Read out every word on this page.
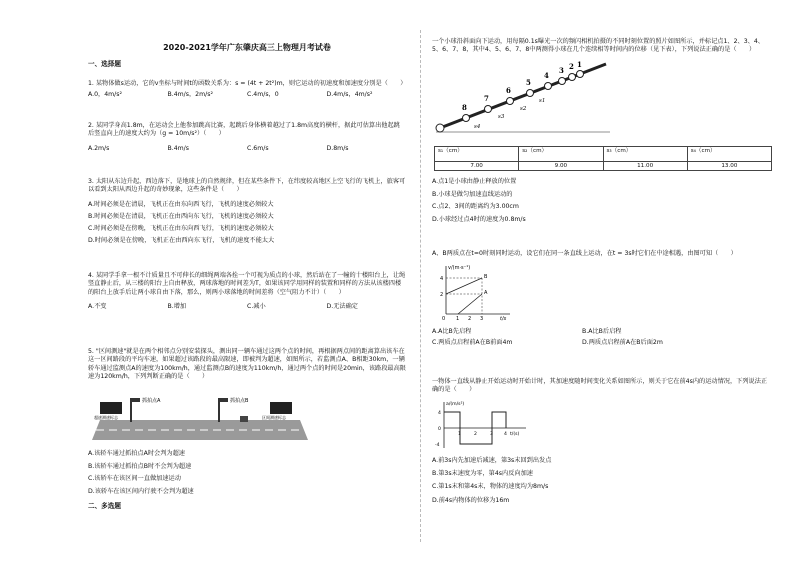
2020-2021学年广东肇庆高三上物理月考试卷
一、选择题
1. 某物体做s运动，它的v坐标与时间t的函数关系为：s = (4t + 2t²)m，则它运动的初速度和加速度分别是（　　）
A.0，4m/s²	B.4m/s，2m/s²	C.4m/s，0	D.4m/s，4m/s²
2. 某同学身高1.8m，在运动会上他参加跳高比赛，起跳后身体横着越过了1.8m高度的横杆，据此可估算出他起跳后竖直向上的速度大约为（g = 10m/s²）（　　）
A.2m/s	B.4m/s	C.6m/s	D.8m/s
3. 太阳从东边升起，西边落下，是地球上的自然规律，但在某些条件下，在纬度较高地区上空飞行的飞机上，旅客可以看到太阳从西边升起的奇妙现象，这些条件是（　　）
A.时间必须是在清晨，飞机正在由东向西飞行，飞机的速度必须较大
B.时间必须是在清晨，飞机正在由西向东飞行，飞机的速度必须较大
C.时间必须是在傍晚，飞机正在由东向西飞行，飞机的速度必须较大
D.时间必须是在傍晚，飞机正在由西向东飞行，飞机的速度不能太大
4. 某同学手拿一根不计质量且不可伸长的细绳两端各拴一个可视为质点的小球，然后站在了一幢的十楼阳台上，让绳竖直静止后，从三楼的阳台上自由释放，两球落地的时间差为T，如果该同学用同样的装置和同样的方法从该楼四楼的阳台上放手后让两小球自由下落，那么，则两小球落地的时间差将（空气阻力不计）（　　）
A.不变	B.增加	C.减小	D.无法确定
5. "区间测速"就是在两个相邻点分别安装探头，测出同一辆车通过这两个点的时间，再根据两点间的距离算出该车在这一区间路段的平均车速，如果超过该路段的最高限速，即被判为超速，如图所示，若监测点A、B相距30km，一辆轿车通过监测点A的速度为100km/h，通过监测点B的速度为110km/h，通过两个点的时间是20min，该路段最高限速为120km/h，下列判断正确的是（　　）
抓拍点A	抓拍点B
超速测速标志	区间测速标志
A.该轿车通过抓拍点A时会判为超速
B.该轿车通过抓拍点B时不会判为超速
C.该轿车在该区间一直做加速运动
D.该轿车在该区间内行驶不会判为超速
二、多选题
一个小球沿斜面向下运动，用每隔0.1s曝光一次的频闪相机拍摄的不同时刻位置的照片如图所示，并标记点1、2、3、4、5、6、7、8，其中4、5、6、7、8中两测得小球在几个连续相等时间内的位移（见下表），下列说法正确的是（　　）
8
7
6
5
4
3 2 1
s4
s3
s2
s1
s₁（cm）	s₂（cm）	s₃（cm）	s₄（cm）
7.00	9.00	11.00	13.00
A.点1是小球由静止释放的位置
B.小球是做匀加速直线运动的
C.点2、3间的距离约为3.00cm
D.小球经过点4时的速度为0.8m/s
A、B两质点在t=0时刻同时运动，设它们在同一条直线上运动，在t = 3s时它们在中途相遇，由图可知（　　）
v/(m·s⁻¹)
t/s
4
2
0 1 2 3
B
A
A.A比B先启程	B.A比B后启程
C.两质点启程前A在B前面4m	D.两质点启程前A在B后面2m
一物体一直线从静止开始运动时开始计时，其加速度随时间变化关系如图所示，则关于它在前4s内的运动情况，下列说法正确的是（　　）
a/(m/s²)
t/(s)
4
0
-4
1	2	3 4
A.前3s内先加速后减速，第3s末回到出发点
B.第3s末速度为零，第4s内反向加速
C.第1s末和第4s末，物体的速度均为8m/s
D.前4s内物体的位移为16m
